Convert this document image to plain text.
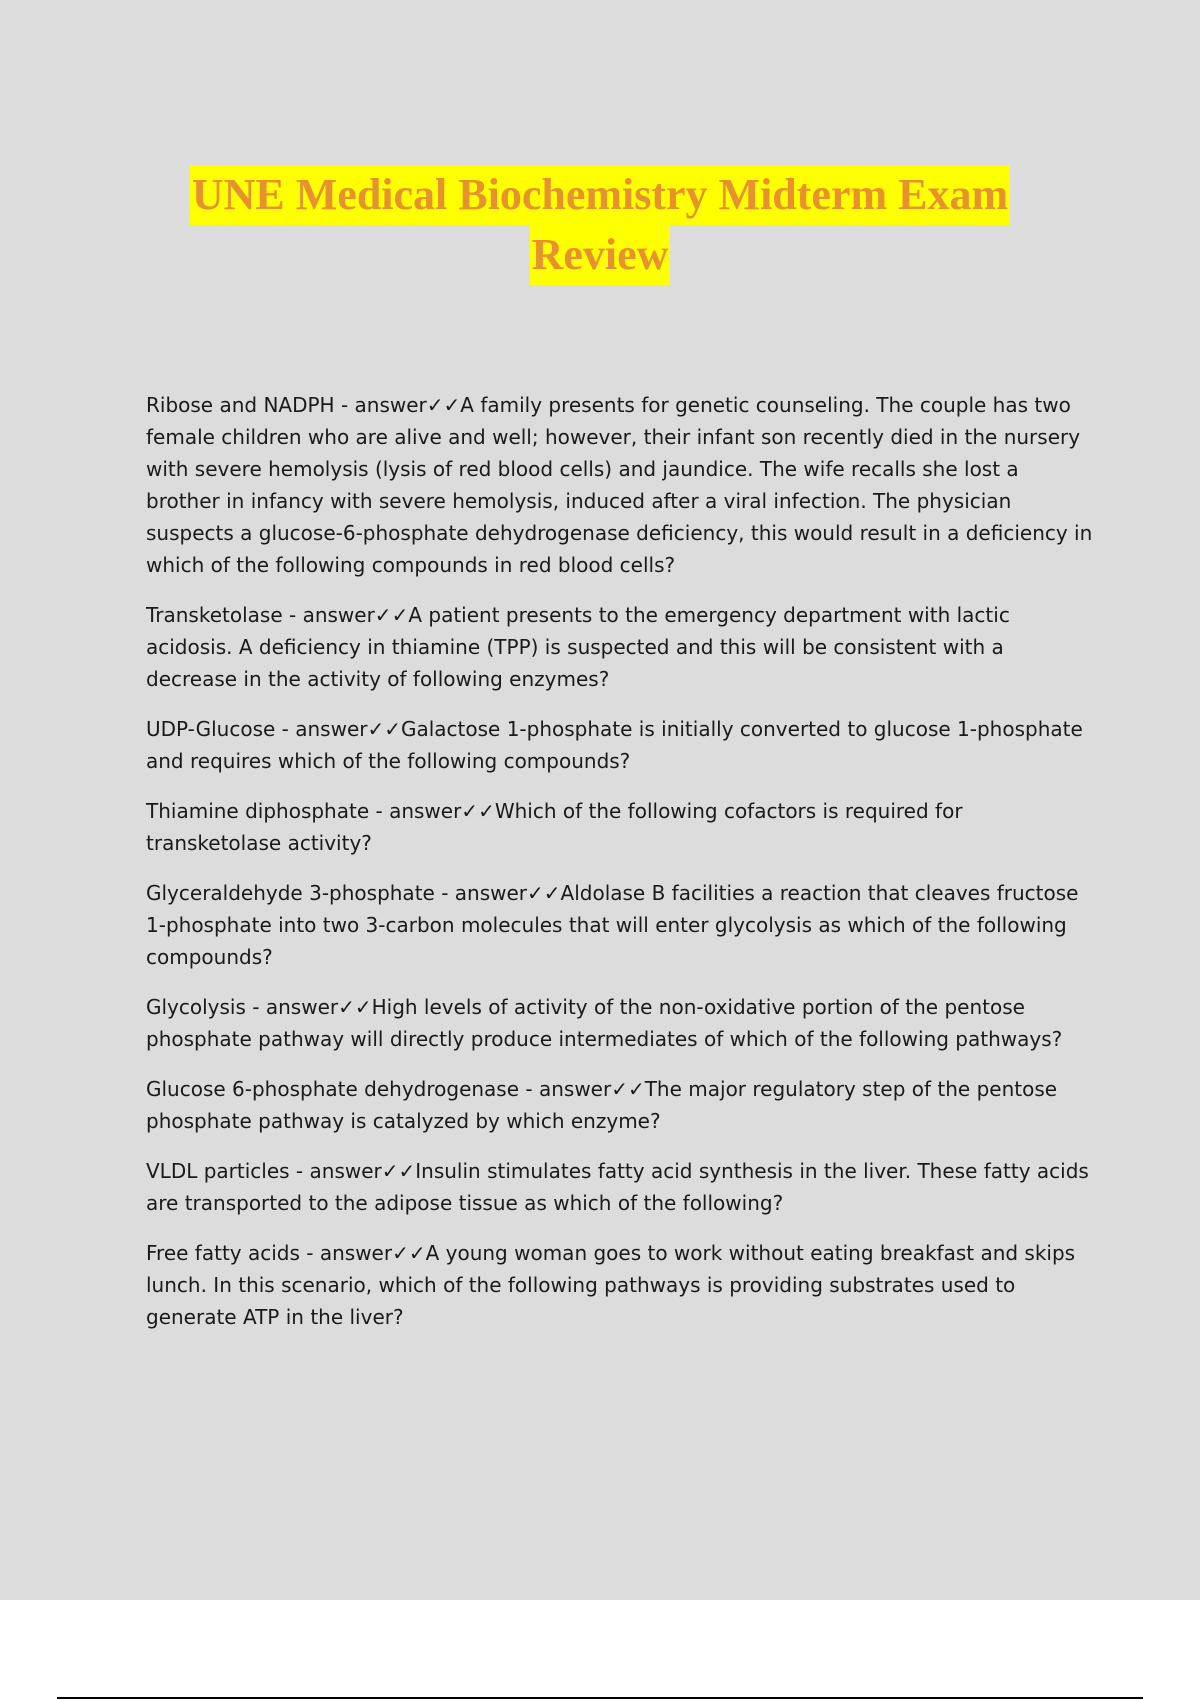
UNE Medical Biochemistry Midterm Exam
Review

Ribose and NADPH - answer✓✓A family presents for genetic counseling. The couple has two female children who are alive and well; however, their infant son recently died in the nursery with severe hemolysis (lysis of red blood cells) and jaundice. The wife recalls she lost a brother in infancy with severe hemolysis, induced after a viral infection. The physician suspects a glucose-6-phosphate dehydrogenase deficiency, this would result in a deficiency in which of the following compounds in red blood cells?

Transketolase - answer✓✓A patient presents to the emergency department with lactic acidosis. A deficiency in thiamine (TPP) is suspected and this will be consistent with a decrease in the activity of following enzymes?

UDP-Glucose - answer✓✓Galactose 1-phosphate is initially converted to glucose 1-phosphate and requires which of the following compounds?

Thiamine diphosphate - answer✓✓Which of the following cofactors is required for transketolase activity?

Glyceraldehyde 3-phosphate - answer✓✓Aldolase B facilities a reaction that cleaves fructose 1-phosphate into two 3-carbon molecules that will enter glycolysis as which of the following compounds?

Glycolysis - answer✓✓High levels of activity of the non-oxidative portion of the pentose phosphate pathway will directly produce intermediates of which of the following pathways?

Glucose 6-phosphate dehydrogenase - answer✓✓The major regulatory step of the pentose phosphate pathway is catalyzed by which enzyme?

VLDL particles - answer✓✓Insulin stimulates fatty acid synthesis in the liver. These fatty acids are transported to the adipose tissue as which of the following?

Free fatty acids - answer✓✓A young woman goes to work without eating breakfast and skips lunch. In this scenario, which of the following pathways is providing substrates used to generate ATP in the liver?
